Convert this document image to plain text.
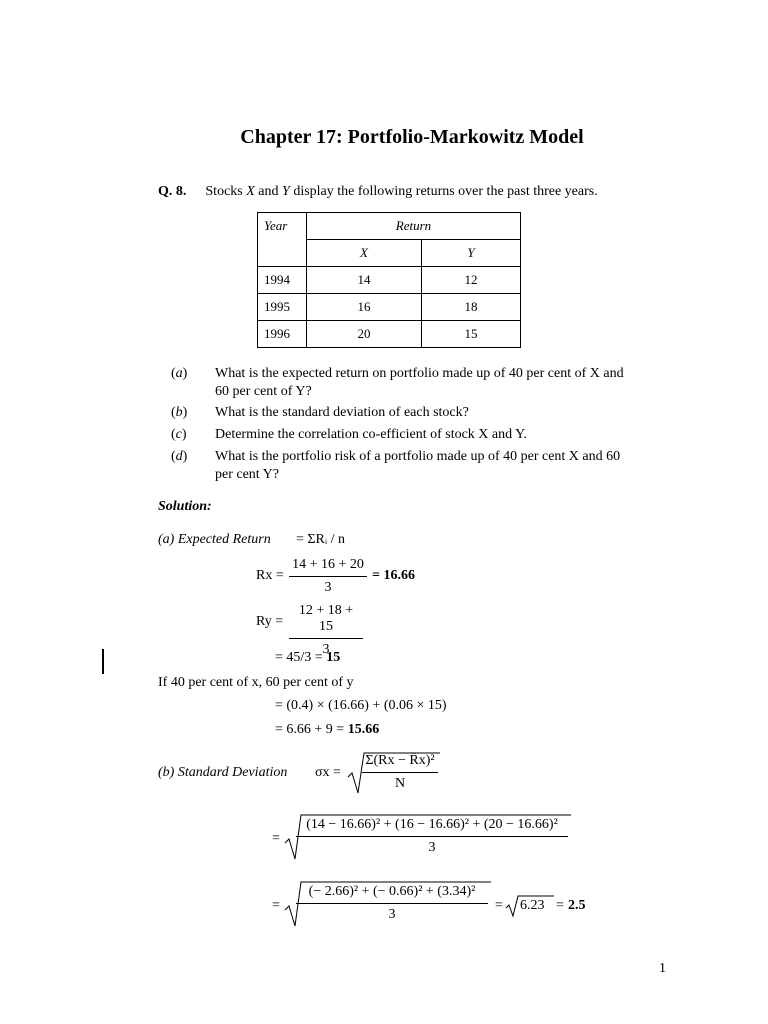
Chapter 17: Portfolio-Markowitz Model
Q. 8. Stocks X and Y display the following returns over the past three years.
Year	Return	
	X	Y
1994	14	12
1995	16	18
1996	20	15
(a) What is the expected return on portfolio made up of 40 per cent of X and
60 per cent of Y?
(b) What is the standard deviation of each stock?
(c) Determine the correlation co-efficient of stock X and Y.
(d) What is the portfolio risk of a portfolio made up of 40 per cent X and 60
per cent Y?
Solution:
(a) Expected Return = ΣRᵢ / n
$Rx = \frac{14 + 16 + 20}{3} = 16.66$
$Ry = \frac{12 + 18 + 15}{3}$
= 45/3 = 15
If 40 per cent of x, 60 per cent of y
= (0.4) × (16.66) + (0.06 × 15)
= 6.66 + 9 = 15.66
(b) Standard Deviation $\sigma x = \frac{\text{Σ(Rx − R̄x)²}}{N}$
= $\frac{\text{(14 − 16.66)² + (16 − 16.66)² + (20 − 16.66)²}}{3}$
= $\frac{\text{(− 2.66)² + (− 0.66)² + (3.34)²}}{3} = 6.23 = 2.5$
1
